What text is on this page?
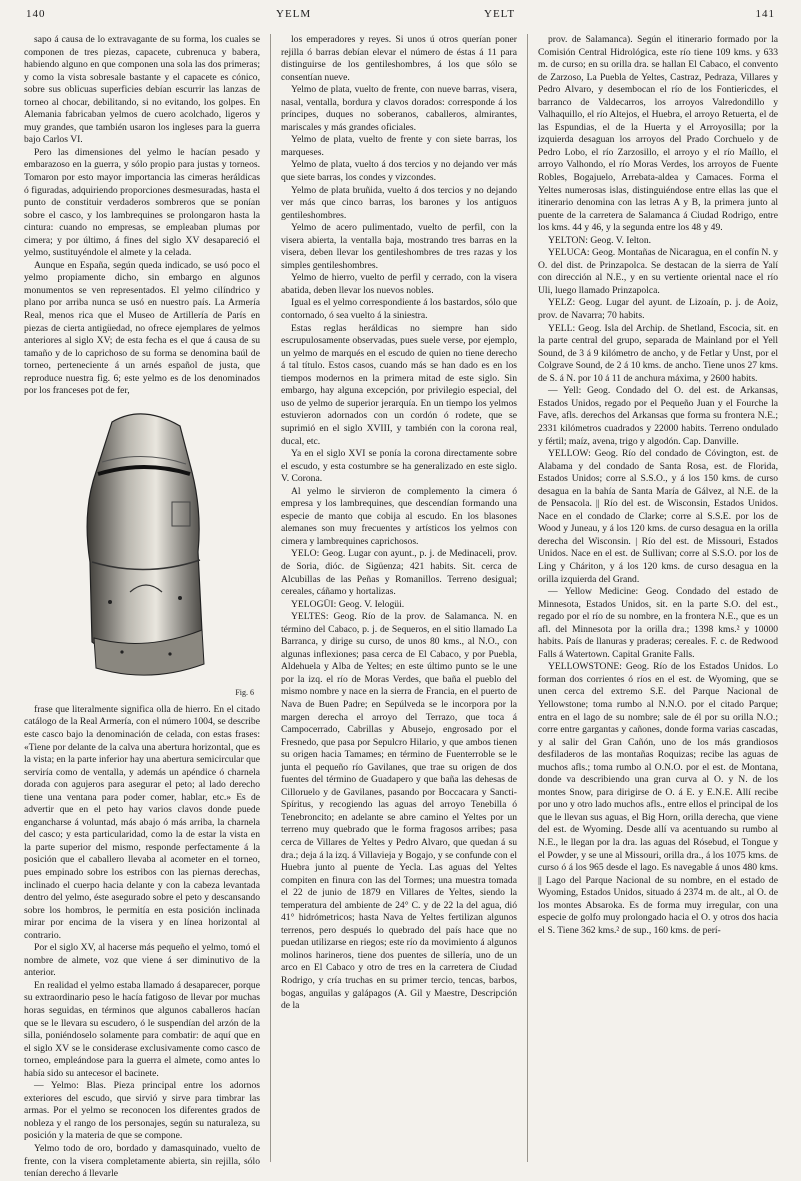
140	YELM	YELT	141

sapo á causa de lo extravagante de su forma, los cuales se componen de tres piezas, capacete, cubrenuca y babera, habiendo alguno en que componen una sola las dos primeras; y como la vista sobresale bastante y el capacete es cónico, sobre sus oblicuas superficies debían escurrir las lanzas de torneo al chocar, debilitando, si no evitando, los golpes. En Alemania fabricaban yelmos de cuero acolchado, ligeros y muy grandes, que también usaron los ingleses para la guerra bajo Carlos VI.

Pero las dimensiones del yelmo le hacían pesado y embarazoso en la guerra, y sólo propio para justas y torneos. Tomaron por esto mayor importancia las cimeras heráldicas ó figuradas, adquiriendo proporciones desmesuradas, hasta el punto de constituir verdaderos sombreros que se ponían sobre el casco, y los lambrequines se prolongaron hasta la cintura: cuando no empresas, se empleaban plumas por cimera; y por último, á fines del siglo XV desapareció el yelmo, sustituyéndole el almete y la celada.

Aunque en España, según queda indicado, se usó poco el yelmo propiamente dicho, sin embargo en algunos monumentos se ven representados. El yelmo cilíndrico y plano por arriba nunca se usó en nuestro país. La Armería Real, menos rica que el Museo de Artillería de París en piezas de cierta antigüedad, no ofrece ejemplares de yelmos anteriores al siglo XV; de esta fecha es el que á causa de su tamaño y de lo caprichoso de su forma se denomina baúl de torneo, perteneciente á un arnés español de justa, que reproduce nuestra fig. 6; este yelmo es de los denominados por los franceses pot de fer,

Fig. 6

frase que literalmente significa olla de hierro. En el citado catálogo de la Real Armería, con el número 1004, se describe este casco bajo la denominación de celada, con estas frases: «Tiene por delante de la calva una abertura horizontal, que es la vista; en la parte inferior hay una abertura semicircular que serviría como de ventalla, y además un apéndice ó charnela dorada con agujeros para asegurar el peto; al lado derecho tiene una ventana para poder comer, hablar, etc.» Es de advertir que en el peto hay varios clavos donde puede engancharse á voluntad, más abajo ó más arriba, la charnela del casco; y esta particularidad, como la de estar la vista en la parte superior del mismo, responde perfectamente á la posición que el caballero llevaba al acometer en el torneo, pues empinado sobre los estribos con las piernas derechas, inclinado el cuerpo hacia delante y con la cabeza levantada dentro del yelmo, éste asegurado sobre el peto y descansando sobre los hombros, le permitía en esta posición inclinada mirar por encima de la visera y en línea horizontal al contrario.

Por el siglo XV, al hacerse más pequeño el yelmo, tomó el nombre de almete, voz que viene á ser diminutivo de la anterior.

En realidad el yelmo estaba llamado á desaparecer, porque su extraordinario peso le hacía fatigoso de llevar por muchas horas seguidas, en términos que algunos caballeros hacían que se le llevara su escudero, ó le suspendían del arzón de la silla, poniéndoselo solamente para combatir: de aquí que en el siglo XV se le considerase exclusivamente como casco de torneo, empleándose para la guerra el almete, como antes lo había sido su antecesor el bacinete.

— Yelmo: Blas. Pieza principal entre los adornos exteriores del escudo, que sirvió y sirve para timbrar las armas. Por el yelmo se reconocen los diferentes grados de nobleza y el rango de los personajes, según su naturaleza, su posición y la materia de que se compone.

Yelmo todo de oro, bordado y damasquinado, vuelto de frente, con la visera completamente abierta, sin rejilla, sólo tenían derecho á llevarle

los emperadores y reyes. Si unos ú otros querían poner rejilla ó barras debían elevar el número de éstas á 11 para distinguirse de los gentileshombres, á los que sólo se consentían nueve.

Yelmo de plata, vuelto de frente, con nueve barras, visera, nasal, ventalla, bordura y clavos dorados: corresponde á los príncipes, duques no soberanos, caballeros, almirantes, mariscales y más grandes oficiales.

Yelmo de plata, vuelto de frente y con siete barras, los marqueses.

Yelmo de plata, vuelto á dos tercios y no dejando ver más que siete barras, los condes y vizcondes.

Yelmo de plata bruñida, vuelto á dos tercios y no dejando ver más que cinco barras, los barones y los antiguos gentileshombres.

Yelmo de acero pulimentado, vuelto de perfil, con la visera abierta, la ventalla baja, mostrando tres barras en la visera, deben llevar los gentileshombres de tres razas y los simples gentileshombres.

Yelmo de hierro, vuelto de perfil y cerrado, con la visera abatida, deben llevar los nuevos nobles.

Igual es el yelmo correspondiente á los bastardos, sólo que contornado, ó sea vuelto á la siniestra.

Estas reglas heráldicas no siempre han sido escrupulosamente observadas, pues suele verse, por ejemplo, un yelmo de marqués en el escudo de quien no tiene derecho á tal título. Estos casos, cuando más se han dado es en los tiempos modernos en la primera mitad de este siglo. Sin embargo, hay alguna excepción, por privilegio especial, del uso de yelmo de superior jerarquía. En un tiempo los yelmos estuvieron adornados con un cordón ó rodete, que se suprimió en el siglo XVIII, y también con la corona real, ducal, etc.

Ya en el siglo XVI se ponía la corona directamente sobre el escudo, y esta costumbre se ha generalizado en este siglo. V. Corona.

Al yelmo le sirvieron de complemento la cimera ó empresa y los lambrequines, que descendían formando una especie de manto que cobija al escudo. En los blasones alemanes son muy frecuentes y artísticos los yelmos con cimera y lambrequines caprichosos.

YELO: Geog. Lugar con ayunt., p. j. de Medinaceli, prov. de Soria, dióc. de Sigüenza; 421 habits. Sit. cerca de Alcubillas de las Peñas y Romanillos. Terreno desigual; cereales, cáñamo y hortalizas.

YELOGÜI: Geog. V. Ielogüi.

YELTES: Geog. Río de la prov. de Salamanca. N. en término del Cabaco, p. j. de Sequeros, en el sitio llamado La Barranca, y dirige su curso, de unos 80 kms., al N.O., con algunas inflexiones; pasa cerca de El Cabaco, y por Puebla, Aldehuela y Alba de Yeltes; en este último punto se le une por la izq. el río de Moras Verdes, que baña el pueblo del mismo nombre y nace en la sierra de Francia, en el puerto de Nava de Buen Padre; en Sepúlveda se le incorpora por la margen derecha el arroyo del Terrazo, que toca á Campocerrado, Cabrillas y Abusejo, engrosado por el Fresnedo, que pasa por Sepulcro Hilario, y que ambos tienen su origen hacia Tamames; en término de Fuenterroble se le junta el pequeño río Gavilanes, que trae su origen de dos fuentes del término de Guadapero y que baña las dehesas de Cilloruelo y de Gavilanes, pasando por Boccacara y Sancti-Spíritus, y recogiendo las aguas del arroyo Tenebilla ó Tenebroncito; en adelante se abre camino el Yeltes por un terreno muy quebrado que le forma fragosos arribes; pasa cerca de Villares de Yeltes y Pedro Alvaro, que quedan á su dra.; deja á la izq. á Villavieja y Bogajo, y se confunde con el Huebra junto al puente de Yecla. Las aguas del Yeltes compiten en finura con las del Tormes; una muestra tomada el 22 de junio de 1879 en Villares de Yeltes, siendo la temperatura del ambiente de 24° C. y de 22 la del agua, dió 41° hidrómetricos; hasta Nava de Yeltes fertilizan algunos terrenos, pero después lo quebrado del país hace que no puedan utilizarse en riegos; este río da movimiento á algunos molinos harineros, tiene dos puentes de sillería, uno de un arco en El Cabaco y otro de tres en la carretera de Ciudad Rodrigo, y cría truchas en su primer tercio, tencas, barbos, bogas, anguilas y galápagos (A. Gil y Maestre, Descripción de la

prov. de Salamanca). Según el itinerario formado por la Comisión Central Hidrológica, este río tiene 109 kms. y 633 m. de curso; en su orilla dra. se hallan El Cabaco, el convento de Zarzoso, La Puebla de Yeltes, Castraz, Pedraza, Villares y Pedro Alvaro, y desembocan el río de los Fontiericdes, el barranco de Valdecarros, los arroyos Valredondillo y Valhaquillo, el río Altejos, el Huebra, el arroyo Retuerta, el de las Espundias, el de la Huerta y el Arroyosilla; por la izquierda desaguan los arroyos del Prado Corchuelo y de Pedro Lobo, el río Zarzosillo, el arroyo y el río Maíllo, el arroyo Valhondo, el río Moras Verdes, los arroyos de Fuente Robles, Bogajuelo, Arrebata-aldea y Camaces. Forma el Yeltes numerosas islas, distinguiéndose entre ellas las que el itinerario denomina con las letras A y B, la primera junto al puente de la carretera de Salamanca á Ciudad Rodrigo, entre los kms. 44 y 46, y la segunda entre los 48 y 49.

YELTON: Geog. V. Ielton.

YELUCA: Geog. Montañas de Nicaragua, en el confín N. y O. del dist. de Prinzapolca. Se destacan de la sierra de Yalí con dirección al N.E., y en su vertiente oriental nace el río Uli, luego llamado Prinzapolca.

YELZ: Geog. Lugar del ayunt. de Lizoaín, p. j. de Aoiz, prov. de Navarra; 70 habits.

YELL: Geog. Isla del Archip. de Shetland, Escocia, sit. en la parte central del grupo, separada de Mainland por el Yell Sound, de 3 á 9 kilómetro de ancho, y de Fetlar y Unst, por el Colgrave Sound, de 2 á 10 kms. de ancho. Tiene unos 27 kms. de S. á N. por 10 á 11 de anchura máxima, y 2600 habits.

— Yell: Geog. Condado del O. del est. de Arkansas, Estados Unidos, regado por el Pequeño Juan y el Fourche la Fave, afls. derechos del Arkansas que forma su frontera N.E.; 2331 kilómetros cuadrados y 22000 habits. Terreno ondulado y fértil; maíz, avena, trigo y algodón. Cap. Danville.

YELLOW: Geog. Río del condado de Cóvington, est. de Alabama y del condado de Santa Rosa, est. de Florida, Estados Unidos; corre al S.S.O., y á los 150 kms. de curso desagua en la bahía de Santa María de Gálvez, al N.E. de la de Pensacola. || Río del est. de Wisconsin, Estados Unidos. Nace en el condado de Clarke; corre al S.S.E. por los de Wood y Juneau, y á los 120 kms. de curso desagua en la orilla derecha del Wisconsin. | Río del est. de Missouri, Estados Unidos. Nace en el est. de Sullivan; corre al S.S.O. por los de Ling y Cháriton, y á los 120 kms. de curso desagua en la orilla izquierda del Grand.

— Yellow Medicine: Geog. Condado del estado de Minnesota, Estados Unidos, sit. en la parte S.O. del est., regado por el río de su nombre, en la frontera N.E., que es un afl. del Minnesota por la orilla dra.; 1398 kms.² y 10000 habits. País de llanuras y praderas; cereales. F. c. de Redwood Falls á Watertown. Capital Granite Falls.

YELLOWSTONE: Geog. Río de los Estados Unidos. Lo forman dos corrientes ó ríos en el est. de Wyoming, que se unen cerca del extremo S.E. del Parque Nacional de Yellowstone; toma rumbo al N.N.O. por el citado Parque; entra en el lago de su nombre; sale de él por su orilla N.O.; corre entre gargantas y cañones, donde forma varias cascadas, y al salir del Gran Cañón, uno de los más grandiosos desfiladeros de las montañas Roquizas; recibe las aguas de muchos afls.; toma rumbo al O.N.O. por el est. de Montana, donde va describiendo una gran curva al O. y N. de los montes Snow, para dirigirse de O. á E. y E.N.E. Allí recibe por uno y otro lado muchos afls., entre ellos el principal de los que le llevan sus aguas, el Big Horn, orilla derecha, que viene del est. de Wyoming. Desde allí va acentuando su rumbo al N.E., le llegan por la dra. las aguas del Rósebud, el Tongue y el Powder, y se une al Missouri, orilla dra., á los 1075 kms. de curso ó á los 965 desde el lago. Es navegable á unos 480 kms. || Lago del Parque Nacional de su nombre, en el estado de Wyoming, Estados Unidos, situado á 2374 m. de alt., al O. de los montes Absaroka. Es de forma muy irregular, con una especie de golfo muy prolongado hacia el O. y otros dos hacia el S. Tiene 362 kms.² de sup., 160 kms. de perí-
